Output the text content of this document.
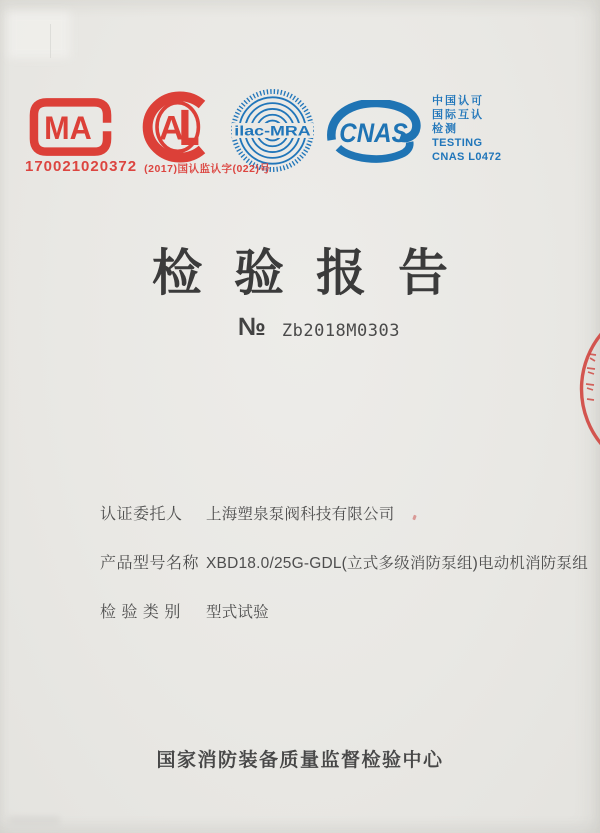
MA A	ilac-MRA CNAS
中国认可
国际互认
检测
TESTING
CNAS L0472
170021020372 (2017)国认监认字(022)号
检验报告
№ Zb2018M0303
认证委托人	上海塑泉泵阀科技有限公司
产品型号名称 XBD18.0/25G-GDL(立式多级消防泵组)电动机消防泵组
检 验 类 别	型式试验
国家消防装备质量监督检验中心
